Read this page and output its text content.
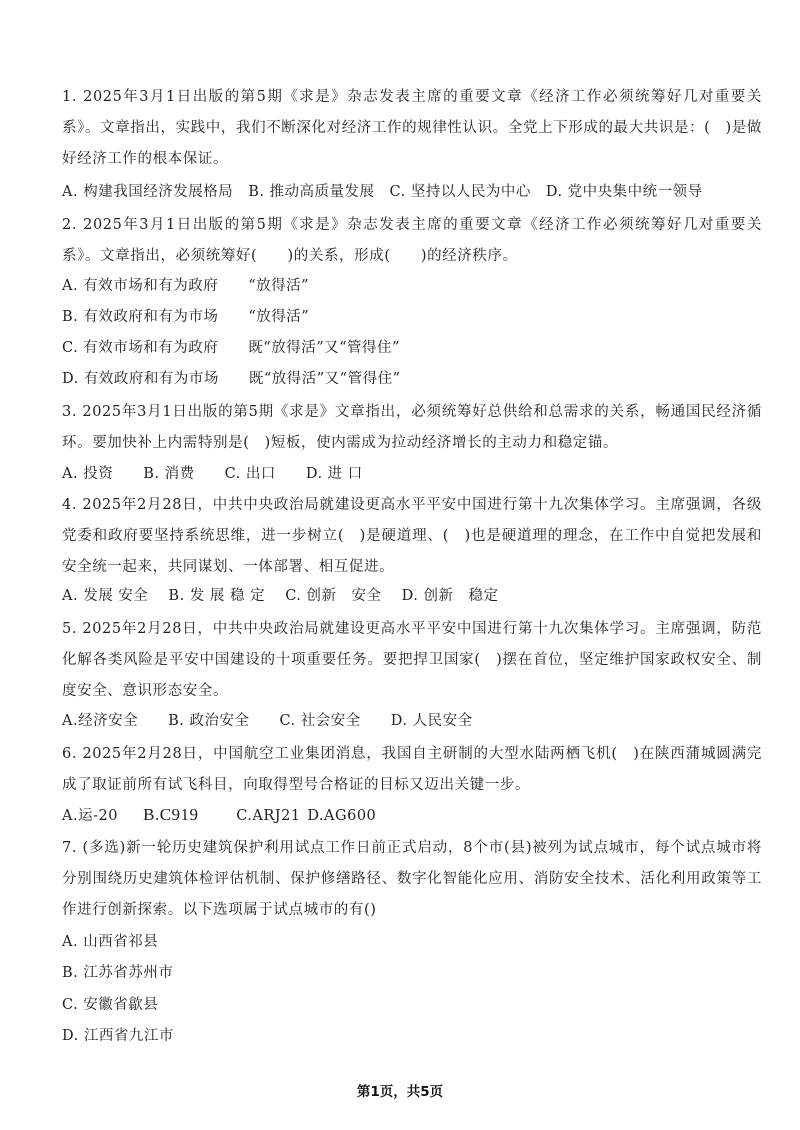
1. 2025年3月1日出版的第5期《求是》杂志发表主席的重要文章《经济工作必须统筹好几对重要关系》。文章指出，实践中，我们不断深化对经济工作的规律性认识。全党上下形成的最大共识是：(　)是做好经济工作的根本保证。
A. 构建我国经济发展格局　B. 推动高质量发展　C. 坚持以人民为中心　D. 党中央集中统一领导
2. 2025年3月1日出版的第5期《求是》杂志发表主席的重要文章《经济工作必须统筹好几对重要关系》。文章指出，必须统筹好(　　)的关系，形成(　　)的经济秩序。
A. 有效市场和有为政府　　“放得活”
B. 有效政府和有为市场　　“放得活”
C. 有效市场和有为政府　　既“放得活”又“管得住”
D. 有效政府和有为市场　　既“放得活”又“管得住”
3. 2025年3月1日出版的第5期《求是》文章指出，必须统筹好总供给和总需求的关系，畅通国民经济循环。要加快补上内需特别是(　)短板，使内需成为拉动经济增长的主动力和稳定锚。
A. 投资　　B. 消费　　C. 出口　　D. 进 口
4. 2025年2月28日，中共中央政治局就建设更高水平平安中国进行第十九次集体学习。主席强调，各级党委和政府要坚持系统思维，进一步树立(　)是硬道理、(　)也是硬道理的理念，在工作中自觉把发展和安全统一起来，共同谋划、一体部署、相互促进。
A. 发展 安全　 B. 发 展 稳 定　 C. 创新　安全　 D. 创新　稳定
5. 2025年2月28日，中共中央政治局就建设更高水平平安中国进行第十九次集体学习。主席强调，防范化解各类风险是平安中国建设的十项重要任务。要把捍卫国家(　)摆在首位，坚定维护国家政权安全、制度安全、意识形态安全。
A.经济安全　　B. 政治安全　　C. 社会安全　　D. 人民安全
6. 2025年2月28日，中国航空工业集团消息，我国自主研制的大型水陆两栖飞机(　)在陕西蒲城圆满完成了取证前所有试飞科目，向取得型号合格证的目标又迈出关键一步。
A.运-20 B.C919	C.ARJ21 D.AG600
7. (多选)新一轮历史建筑保护利用试点工作日前正式启动，8个市(县)被列为试点城市，每个试点城市将分别围绕历史建筑体检评估机制、保护修缮路径、数字化智能化应用、消防安全技术、活化利用政策等工作进行创新探索。以下选项属于试点城市的有()
A. 山西省祁县
B. 江苏省苏州市
C. 安徽省歙县
D. 江西省九江市
第1页，共5页
